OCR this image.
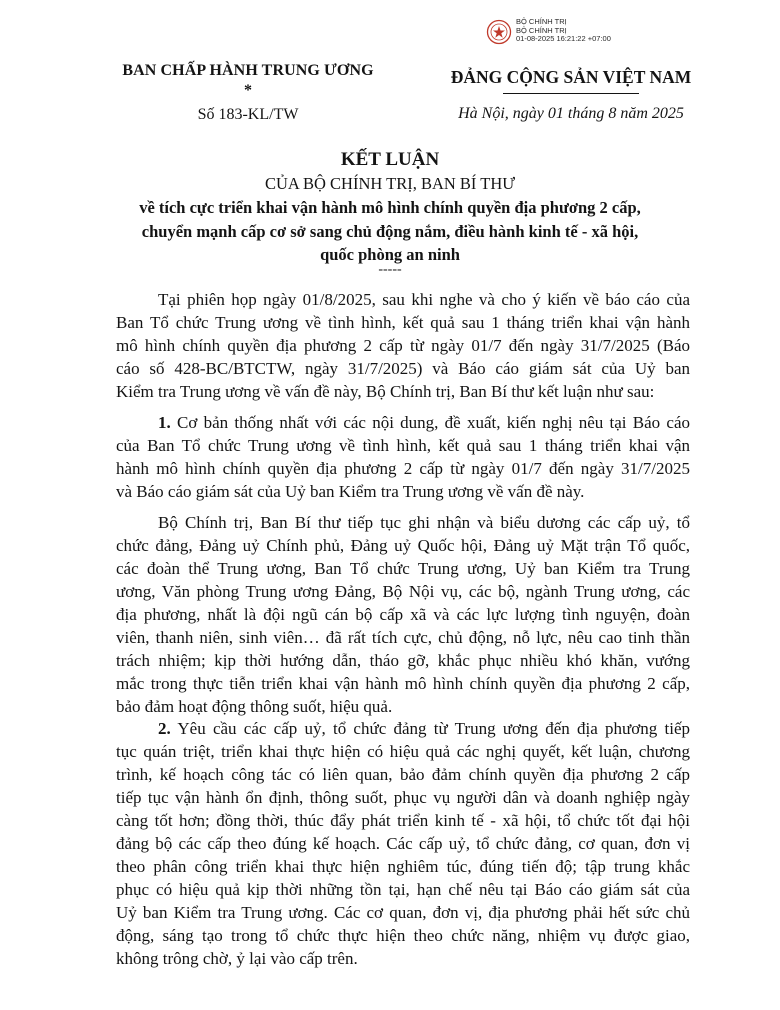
BỘ CHÍNH TRỊ
BỘ CHÍNH TRỊ
01-08-2025 16:21:22 +07:00
BAN CHẤP HÀNH TRUNG ƯƠNG
*
Số 183-KL/TW
ĐẢNG CỘNG SẢN VIỆT NAM
Hà Nội, ngày 01 tháng 8 năm 2025
KẾT LUẬN
CỦA BỘ CHÍNH TRỊ, BAN BÍ THƯ
về tích cực triển khai vận hành mô hình chính quyền địa phương 2 cấp,
chuyển mạnh cấp cơ sở sang chủ động nắm, điều hành kinh tế - xã hội,
quốc phòng an ninh
-----
Tại phiên họp ngày 01/8/2025, sau khi nghe và cho ý kiến về báo cáo của
Ban Tổ chức Trung ương về tình hình, kết quả sau 1 tháng triển khai vận hành
mô hình chính quyền địa phương 2 cấp từ ngày 01/7 đến ngày 31/7/2025 (Báo
cáo số 428-BC/BTCTW, ngày 31/7/2025) và Báo cáo giám sát của Uỷ ban
Kiểm tra Trung ương về vấn đề này, Bộ Chính trị, Ban Bí thư kết luận như sau:
1. Cơ bản thống nhất với các nội dung, đề xuất, kiến nghị nêu tại Báo cáo
của Ban Tổ chức Trung ương về tình hình, kết quả sau 1 tháng triển khai vận
hành mô hình chính quyền địa phương 2 cấp từ ngày 01/7 đến ngày 31/7/2025
và Báo cáo giám sát của Uỷ ban Kiểm tra Trung ương về vấn đề này.
Bộ Chính trị, Ban Bí thư tiếp tục ghi nhận và biểu dương các cấp uỷ, tổ
chức đảng, Đảng uỷ Chính phủ, Đảng uỷ Quốc hội, Đảng uỷ Mặt trận Tổ quốc,
các đoàn thể Trung ương, Ban Tổ chức Trung ương, Uỷ ban Kiểm tra Trung
ương, Văn phòng Trung ương Đảng, Bộ Nội vụ, các bộ, ngành Trung ương, các
địa phương, nhất là đội ngũ cán bộ cấp xã và các lực lượng tình nguyện, đoàn
viên, thanh niên, sinh viên… đã rất tích cực, chủ động, nỗ lực, nêu cao tinh thần
trách nhiệm; kịp thời hướng dẫn, tháo gỡ, khắc phục nhiều khó khăn, vướng
mắc trong thực tiễn triển khai vận hành mô hình chính quyền địa phương 2 cấp,
bảo đảm hoạt động thông suốt, hiệu quả.
2. Yêu cầu các cấp uỷ, tổ chức đảng từ Trung ương đến địa phương tiếp
tục quán triệt, triển khai thực hiện có hiệu quả các nghị quyết, kết luận, chương
trình, kế hoạch công tác có liên quan, bảo đảm chính quyền địa phương 2 cấp
tiếp tục vận hành ổn định, thông suốt, phục vụ người dân và doanh nghiệp ngày
càng tốt hơn; đồng thời, thúc đẩy phát triển kinh tế - xã hội, tổ chức tốt đại hội
đảng bộ các cấp theo đúng kế hoạch. Các cấp uỷ, tổ chức đảng, cơ quan, đơn vị
theo phân công triển khai thực hiện nghiêm túc, đúng tiến độ; tập trung khắc
phục có hiệu quả kịp thời những tồn tại, hạn chế nêu tại Báo cáo giám sát của
Uỷ ban Kiểm tra Trung ương. Các cơ quan, đơn vị, địa phương phải hết sức chủ
động, sáng tạo trong tổ chức thực hiện theo chức năng, nhiệm vụ được giao,
không trông chờ, ỷ lại vào cấp trên.
